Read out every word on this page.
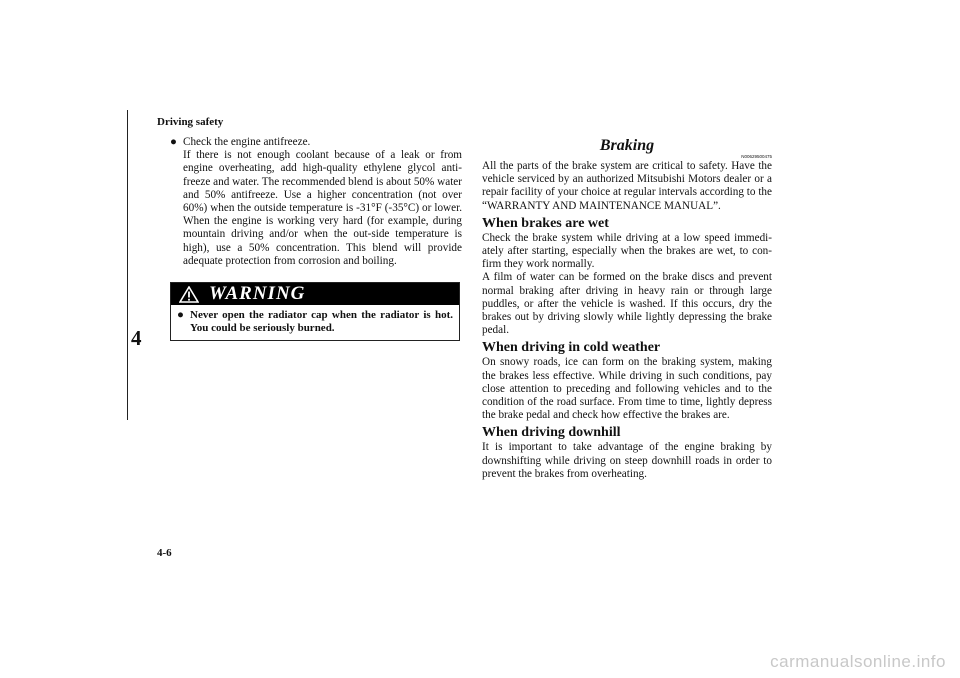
Driving safety
4
● Check the engine antifreeze.

If there is not enough coolant because of a leak or from engine overheating, add high-quality ethylene glycol anti-freeze and water. The recommended blend is about 50% water and 50% antifreeze. Use a higher concentration (not over 60%) when the outside temperature is -31°F (-35°C) or lower. When the engine is working very hard (for example, during mountain driving and/or when the out-side temperature is high), use a 50% concentration. This blend will provide adequate protection from corrosion and boiling.

WARNING
● Never open the radiator cap when the radiator is hot. You could be seriously burned.

Braking
N00629500475

All the parts of the brake system are critical to safety. Have the vehicle serviced by an authorized Mitsubishi Motors dealer or a repair facility of your choice at regular intervals according to the “WARRANTY AND MAINTENANCE MANUAL”.

When brakes are wet

Check the brake system while driving at a low speed immedi-ately after starting, especially when the brakes are wet, to con-firm they work normally.

A film of water can be formed on the brake discs and prevent normal braking after driving in heavy rain or through large puddles, or after the vehicle is washed. If this occurs, dry the brakes out by driving slowly while lightly depressing the brake pedal.

When driving in cold weather

On snowy roads, ice can form on the braking system, making the brakes less effective. While driving in such conditions, pay close attention to preceding and following vehicles and to the condition of the road surface. From time to time, lightly depress the brake pedal and check how effective the brakes are.

When driving downhill

It is important to take advantage of the engine braking by downshifting while driving on steep downhill roads in order to prevent the brakes from overheating.

4-6
carmanualsonline.info
